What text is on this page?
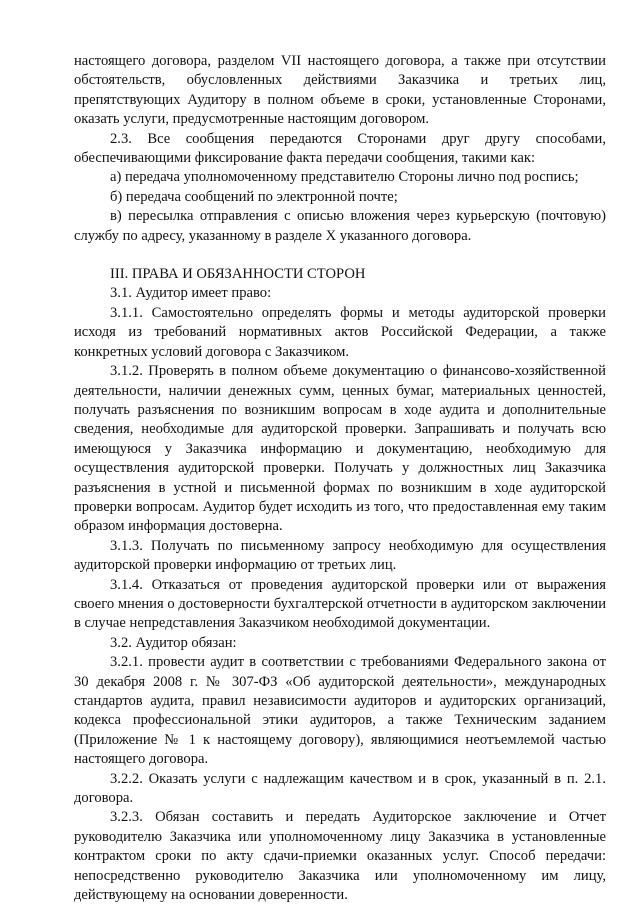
настоящего договора, разделом VII настоящего договора, а также при отсутствии обстоятельств, обусловленных действиями Заказчика и третьих лиц, препятствующих Аудитору в полном объеме в сроки, установленные Сторонами, оказать услуги, предусмотренные настоящим договором.

2.3. Все сообщения передаются Сторонами друг другу способами, обеспечивающими фиксирование факта передачи сообщения, такими как:

а) передача уполномоченному представителю Стороны лично под роспись;

б) передача сообщений по электронной почте;

в) пересылка отправления с описью вложения через курьерскую (почтовую) службу по адресу, указанному в разделе X указанного договора.

III. ПРАВА И ОБЯЗАННОСТИ СТОРОН

3.1. Аудитор имеет право:

3.1.1. Самостоятельно определять формы и методы аудиторской проверки исходя из требований нормативных актов Российской Федерации, а также конкретных условий договора с Заказчиком.

3.1.2. Проверять в полном объеме документацию о финансово-хозяйственной деятельности, наличии денежных сумм, ценных бумаг, материальных ценностей, получать разъяснения по возникшим вопросам в ходе аудита и дополнительные сведения, необходимые для аудиторской проверки. Запрашивать и получать всю имеющуюся у Заказчика информацию и документацию, необходимую для осуществления аудиторской проверки. Получать у должностных лиц Заказчика разъяснения в устной и письменной формах по возникшим в ходе аудиторской проверки вопросам. Аудитор будет исходить из того, что предоставленная ему таким образом информация достоверна.

3.1.3. Получать по письменному запросу необходимую для осуществления аудиторской проверки информацию от третьих лиц.

3.1.4. Отказаться от проведения аудиторской проверки или от выражения своего мнения о достоверности бухгалтерской отчетности в аудиторском заключении в случае непредставления Заказчиком необходимой документации.

3.2. Аудитор обязан:

3.2.1. провести аудит в соответствии с требованиями Федерального закона от 30 декабря 2008 г. № 307-ФЗ «Об аудиторской деятельности», международных стандартов аудита, правил независимости аудиторов и аудиторских организаций, кодекса профессиональной этики аудиторов, а также Техническим заданием (Приложение № 1 к настоящему договору), являющимися неотъемлемой частью настоящего договора.

3.2.2. Оказать услуги с надлежащим качеством и в срок, указанный в п. 2.1. договора.

3.2.3. Обязан составить и передать Аудиторское заключение и Отчет руководителю Заказчика или уполномоченному лицу Заказчика в установленные контрактом сроки по акту сдачи-приемки оказанных услуг. Способ передачи: непосредственно руководителю Заказчика или уполномоченному им лицу, действующему на основании доверенности.
